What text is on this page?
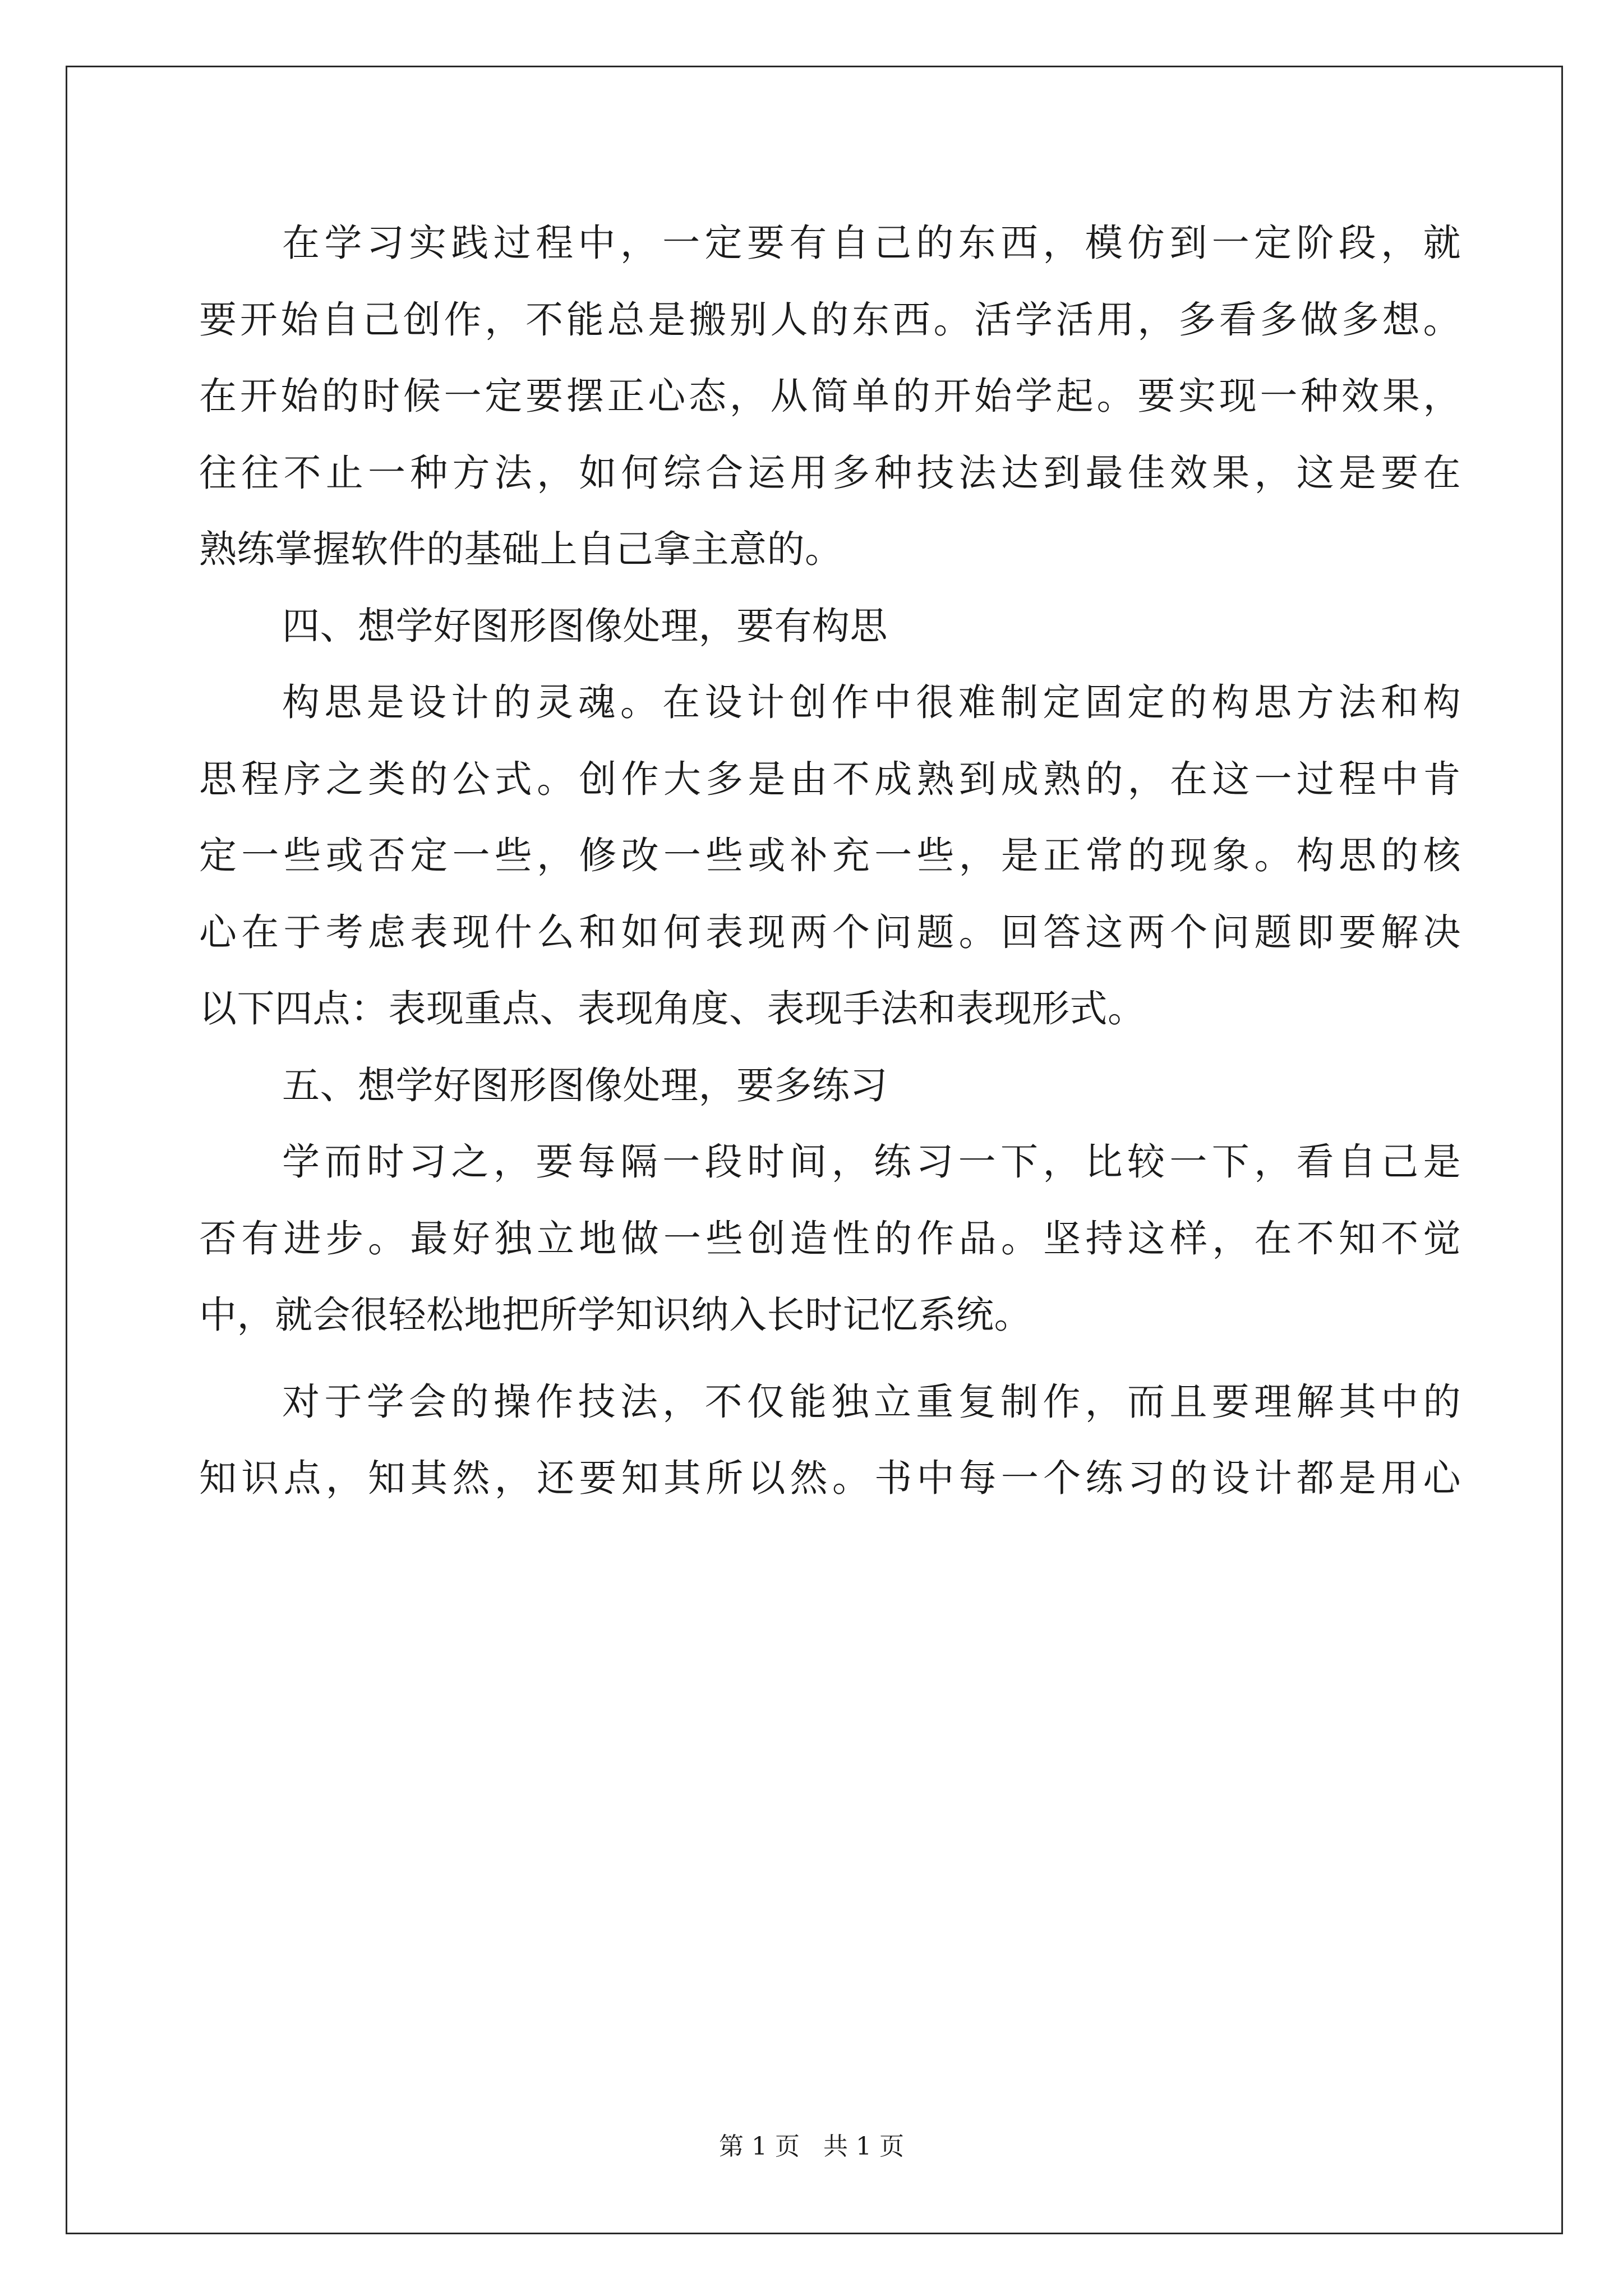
在学习实践过程中，一定要有自己的东西，模仿到一定阶段，就
要开始自己创作，不能总是搬别人的东西。活学活用，多看多做多想。
在开始的时候一定要摆正心态，从简单的开始学起。要实现一种效果，
往往不止一种方法，如何综合运用多种技法达到最佳效果，这是要在
熟练掌握软件的基础上自己拿主意的。
四、想学好图形图像处理，要有构思
构思是设计的灵魂。在设计创作中很难制定固定的构思方法和构
思程序之类的公式。创作大多是由不成熟到成熟的，在这一过程中肯
定一些或否定一些，修改一些或补充一些，是正常的现象。构思的核
心在于考虑表现什么和如何表现两个问题。回答这两个问题即要解决
以下四点：表现重点、表现角度、表现手法和表现形式。
五、想学好图形图像处理，要多练习
学而时习之，要每隔一段时间，练习一下，比较一下，看自己是
否有进步。最好独立地做一些创造性的作品。坚持这样，在不知不觉
中，就会很轻松地把所学知识纳入长时记忆系统。
对于学会的操作技法，不仅能独立重复制作，而且要理解其中的
知识点，知其然，还要知其所以然。书中每一个练习的设计都是用心
第 1 页   共 1 页
